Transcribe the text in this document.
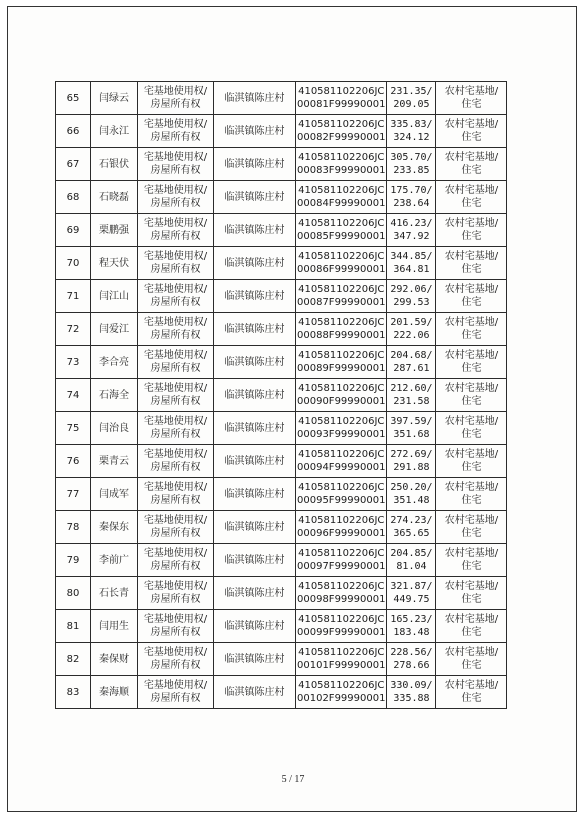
65	闫绿云	宅基地使用权/
房屋所有权	临淇镇陈庄村	410581102206JC
00081F99990001	231.35/
209.05	农村宅基地/
住宅

66	闫永江	宅基地使用权/
房屋所有权	临淇镇陈庄村	410581102206JC
00082F99990001	335.83/
324.12	农村宅基地/
住宅

67	石银伏	宅基地使用权/
房屋所有权	临淇镇陈庄村	410581102206JC
00083F99990001	305.70/
233.85	农村宅基地/
住宅

68	石晓磊	宅基地使用权/
房屋所有权	临淇镇陈庄村	410581102206JC
00084F99990001	175.70/
238.64	农村宅基地/
住宅

69	栗鹏强	宅基地使用权/
房屋所有权	临淇镇陈庄村	410581102206JC
00085F99990001	416.23/
347.92	农村宅基地/
住宅

70	程天伏	宅基地使用权/
房屋所有权	临淇镇陈庄村	410581102206JC
00086F99990001	344.85/
364.81	农村宅基地/
住宅

71	闫江山	宅基地使用权/
房屋所有权	临淇镇陈庄村	410581102206JC
00087F99990001	292.06/
299.53	农村宅基地/
住宅

72	闫爱江	宅基地使用权/
房屋所有权	临淇镇陈庄村	410581102206JC
00088F99990001	201.59/
222.06	农村宅基地/
住宅

73	李合亮	宅基地使用权/
房屋所有权	临淇镇陈庄村	410581102206JC
00089F99990001	204.68/
287.61	农村宅基地/
住宅

74	石海全	宅基地使用权/
房屋所有权	临淇镇陈庄村	410581102206JC
00090F99990001	212.60/
231.58	农村宅基地/
住宅

75	闫治良	宅基地使用权/
房屋所有权	临淇镇陈庄村	410581102206JC
00093F99990001	397.59/
351.68	农村宅基地/
住宅

76	栗青云	宅基地使用权/
房屋所有权	临淇镇陈庄村	410581102206JC
00094F99990001	272.69/
291.88	农村宅基地/
住宅

77	闫成军	宅基地使用权/
房屋所有权	临淇镇陈庄村	410581102206JC
00095F99990001	250.20/
351.48	农村宅基地/
住宅

78	秦保东	宅基地使用权/
房屋所有权	临淇镇陈庄村	410581102206JC
00096F99990001	274.23/
365.65	农村宅基地/
住宅

79	李前广	宅基地使用权/
房屋所有权	临淇镇陈庄村	410581102206JC
00097F99990001	204.85/
81.04	农村宅基地/
住宅

80	石长青	宅基地使用权/
房屋所有权	临淇镇陈庄村	410581102206JC
00098F99990001	321.87/
449.75	农村宅基地/
住宅

81	闫用生	宅基地使用权/
房屋所有权	临淇镇陈庄村	410581102206JC
00099F99990001	165.23/
183.48	农村宅基地/
住宅

82	秦保财	宅基地使用权/
房屋所有权	临淇镇陈庄村	410581102206JC
00101F99990001	228.56/
278.66	农村宅基地/
住宅

83	秦海顺	宅基地使用权/
房屋所有权	临淇镇陈庄村	410581102206JC
00102F99990001	330.09/
335.88	农村宅基地/
住宅
5 / 17
